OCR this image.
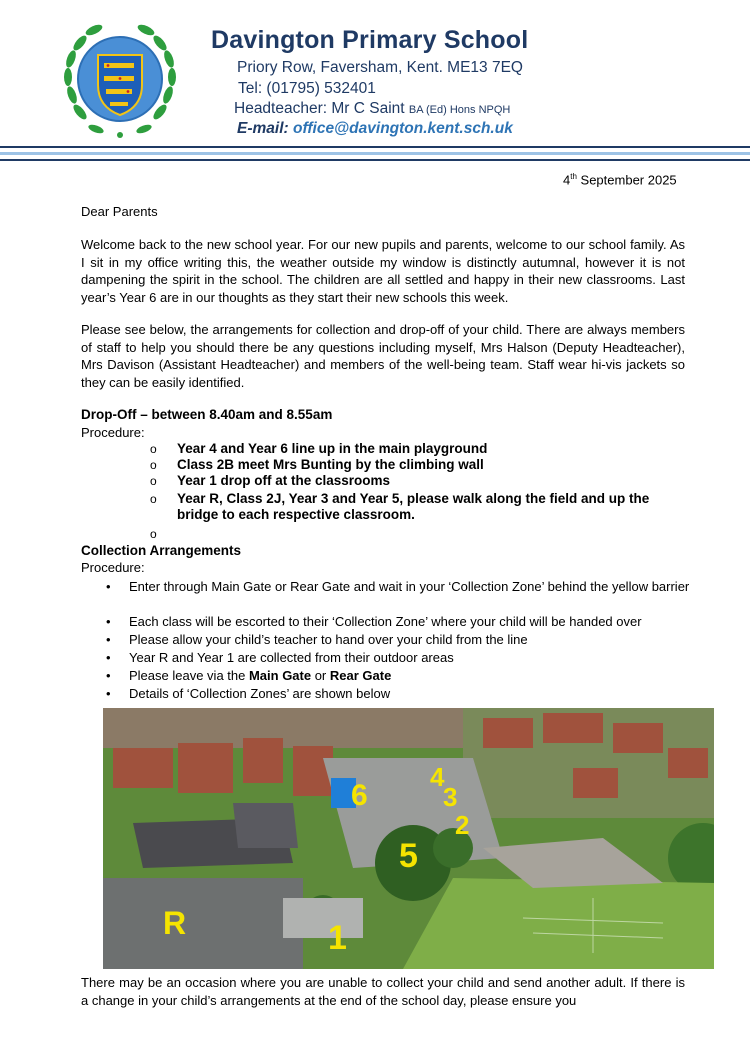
Davington Primary School
Priory Row, Faversham, Kent. ME13 7EQ
Tel: (01795) 532401
Headteacher: Mr C Saint BA (Ed) Hons NPQH
E-mail: office@davington.kent.sch.uk
4th September 2025
Dear Parents

Welcome back to the new school year. For our new pupils and parents, welcome to our school family. As I sit in my office writing this, the weather outside my window is distinctly autumnal, however it is not dampening the spirit in the school. The children are all settled and happy in their new classrooms. Last year’s Year 6 are in our thoughts as they start their new schools this week.

Please see below, the arrangements for collection and drop-off of your child. There are always members of staff to help you should there be any questions including myself, Mrs Halson (Deputy Headteacher), Mrs Davison (Assistant Headteacher) and members of the well-being team. Staff wear hi-vis jackets so they can be easily identified.

Drop-Off – between 8.40am and 8.55am
Procedure:
o Year 4 and Year 6 line up in the main playground
o Class 2B meet Mrs Bunting by the climbing wall
o Year 1 drop off at the classrooms
o Year R, Class 2J, Year 3 and Year 5, please walk along the field and up the bridge to each respective classroom.
o
Collection Arrangements
Procedure:
• Enter through Main Gate or Rear Gate and wait in your ‘Collection Zone’ behind the yellow barrier
• Each class will be escorted to their ‘Collection Zone’ where your child will be handed over
• Please allow your child’s teacher to hand over your child from the line
• Year R and Year 1 are collected from their outdoor areas
• Please leave via the Main Gate or Rear Gate
• Details of ‘Collection Zones’ are shown below
6
4
3
2
5
R	1

There may be an occasion where you are unable to collect your child and send another adult. If there is a change in your child’s arrangements at the end of the school day, please ensure you
